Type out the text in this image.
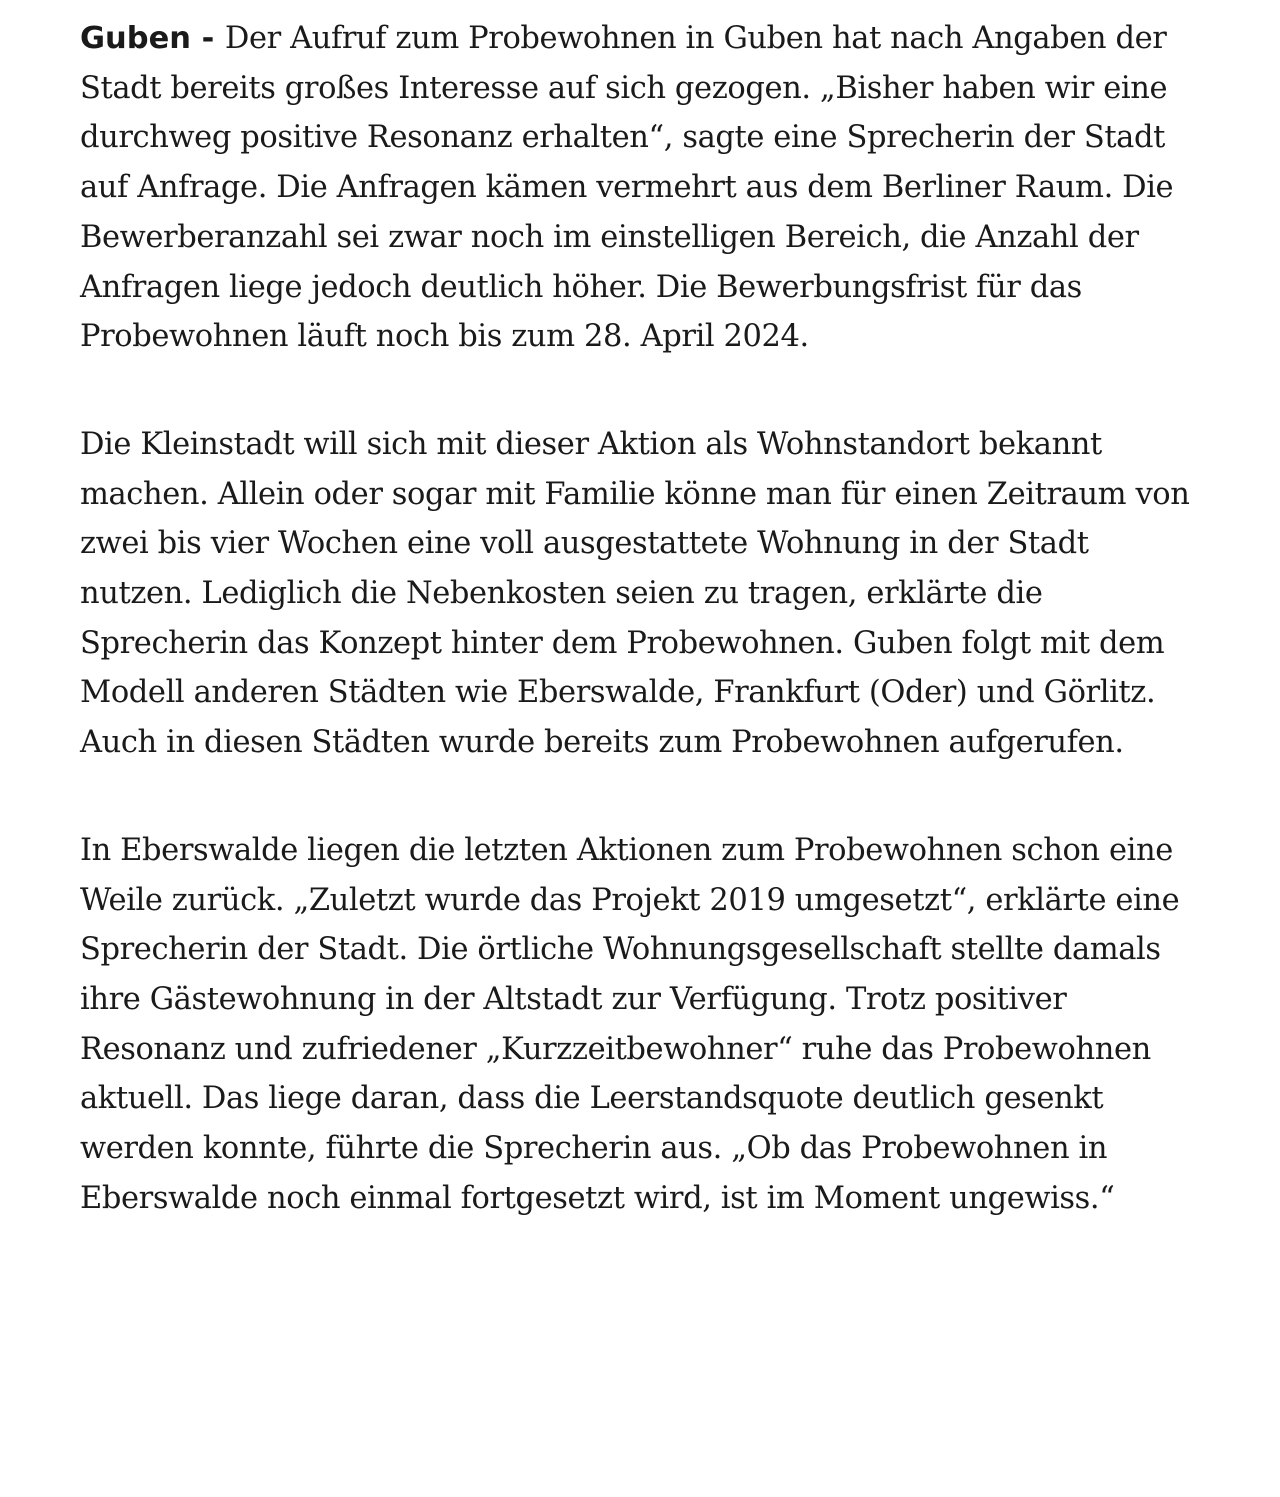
Guben - Der Aufruf zum Probewohnen in Guben hat nach Angaben der Stadt bereits großes Interesse auf sich gezogen. „Bisher haben wir eine durchweg positive Resonanz erhalten“, sagte eine Sprecherin der Stadt auf Anfrage. Die Anfragen kämen vermehrt aus dem Berliner Raum. Die Bewerberanzahl sei zwar noch im einstelligen Bereich, die Anzahl der Anfragen liege jedoch deutlich höher. Die Bewerbungsfrist für das Probewohnen läuft noch bis zum 28. April 2024.

Die Kleinstadt will sich mit dieser Aktion als Wohnstandort bekannt machen. Allein oder sogar mit Familie könne man für einen Zeitraum von zwei bis vier Wochen eine voll ausgestattete Wohnung in der Stadt nutzen. Lediglich die Nebenkosten seien zu tragen, erklärte die Sprecherin das Konzept hinter dem Probewohnen. Guben folgt mit dem Modell anderen Städten wie Eberswalde, Frankfurt (Oder) und Görlitz. Auch in diesen Städten wurde bereits zum Probewohnen aufgerufen.

In Eberswalde liegen die letzten Aktionen zum Probewohnen schon eine Weile zurück. „Zuletzt wurde das Projekt 2019 umgesetzt“, erklärte eine Sprecherin der Stadt. Die örtliche Wohnungsgesellschaft stellte damals ihre Gästewohnung in der Altstadt zur Verfügung. Trotz positiver Resonanz und zufriedener „Kurzzeitbewohner“ ruhe das Probewohnen aktuell. Das liege daran, dass die Leerstandsquote deutlich gesenkt werden konnte, führte die Sprecherin aus. „Ob das Probewohnen in Eberswalde noch einmal fortgesetzt wird, ist im Moment ungewiss.“
